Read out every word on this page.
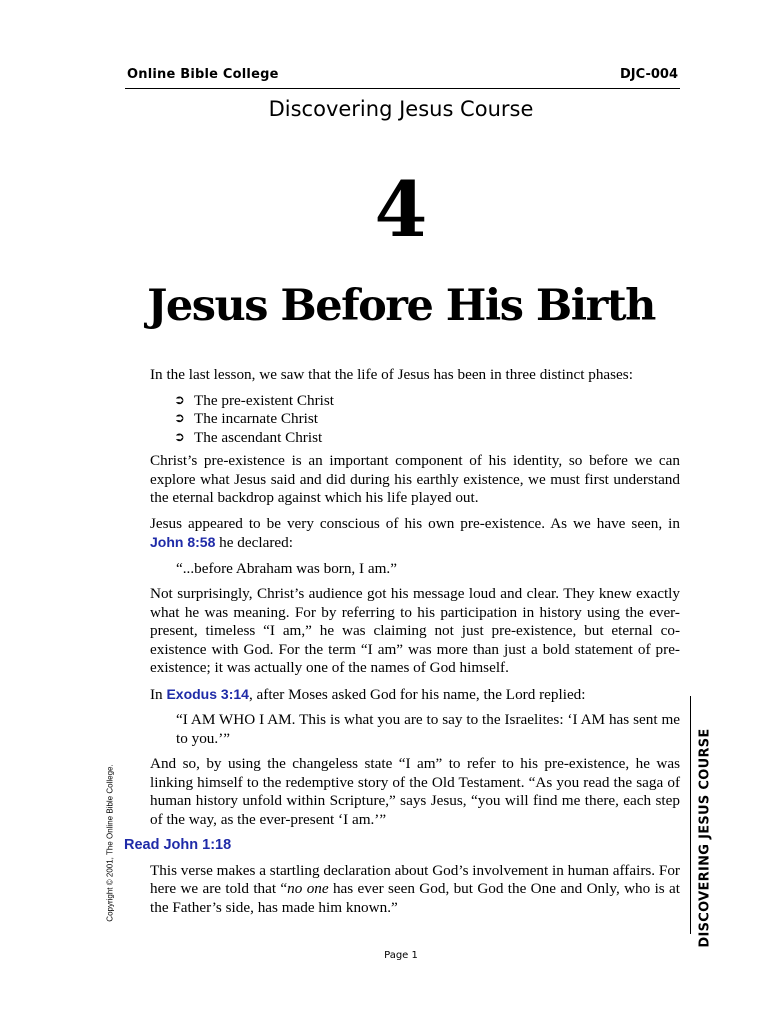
Online Bible College	DJC-004
Discovering Jesus Course
4
Jesus Before His Birth

In the last lesson, we saw that the life of Jesus has been in three distinct phases:

➲ The pre-existent Christ
➲ The incarnate Christ
➲ The ascendant Christ

Christ’s pre-existence is an important component of his identity, so before we can explore what Jesus said and did during his earthly existence, we must first understand the eternal backdrop against which his life played out.

Jesus appeared to be very conscious of his own pre-existence. As we have seen, in John 8:58 he declared:

“...before Abraham was born, I am.”

Not surprisingly, Christ’s audience got his message loud and clear. They knew exactly what he was meaning. For by referring to his participation in history using the ever-present, timeless “I am,” he was claiming not just pre-existence, but eternal co-existence with God. For the term “I am” was more than just a bold statement of pre-existence; it was actually one of the names of God himself.

In Exodus 3:14, after Moses asked God for his name, the Lord replied:

“I AM WHO I AM. This is what you are to say to the Israelites: ‘I AM has sent me to you.’”

And so, by using the changeless state “I am” to refer to his pre-existence, he was linking himself to the redemptive story of the Old Testament. “As you read the saga of human history unfold within Scripture,” says Jesus, “you will find me there, each step of the way, as the ever-present ‘I am.’”

Read John 1:18

This verse makes a startling declaration about God’s involvement in human affairs. For here we are told that “no one has ever seen God, but God the One and Only, who is at the Father’s side, has made him known.”	DISCOVERING JESUS COURSE
Copyright © 2001, The Online Bible College.
Page 1
